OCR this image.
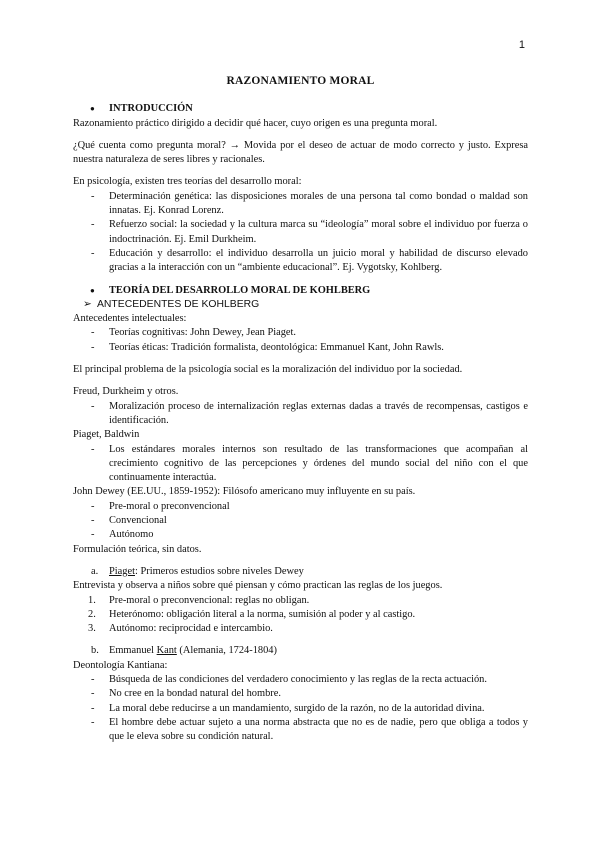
1
RAZONAMIENTO MORAL
● INTRODUCCIÓN

Razonamiento práctico dirigido a decidir qué hacer, cuyo origen es una pregunta moral.

¿Qué cuenta como pregunta moral? → Movida por el deseo de actuar de modo correcto y justo. Expresa nuestra naturaleza de seres libres y racionales.

En psicología, existen tres teorías del desarrollo moral:

- Determinación genética: las disposiciones morales de una persona tal como bondad o maldad son innatas. Ej. Konrad Lorenz.
- Refuerzo social: la sociedad y la cultura marca su “ideología” moral sobre el individuo por fuerza o indoctrinación. Ej. Emil Durkheim.
- Educación y desarrollo: el individuo desarrolla un juicio moral y habilidad de discurso elevado gracias a la interacción con un “ambiente educacional”. Ej. Vygotsky, Kohlberg.
● TEORÍA DEL DESARROLLO MORAL DE KOHLBERG
➢ ANTECEDENTES DE KOHLBERG

Antecedentes intelectuales:

- Teorías cognitivas: John Dewey, Jean Piaget.
- Teorías éticas: Tradición formalista, deontológica: Emmanuel Kant, John Rawls.

El principal problema de la psicología social es la moralización del individuo por la sociedad.

Freud, Durkheim y otros.

- Moralización proceso de internalización reglas externas dadas a través de recompensas, castigos e identificación.

Piaget, Baldwin

- Los estándares morales internos son resultado de las transformaciones que acompañan al crecimiento cognitivo de las percepciones y órdenes del mundo social del niño con el que continuamente interactúa.

John Dewey (EE.UU., 1859-1952): Filósofo americano muy influyente en su país.

- Pre-moral o preconvencional
- Convencional
- Autónomo

Formulación teórica, sin datos.

a. Piaget: Primeros estudios sobre niveles Dewey

Entrevista y observa a niños sobre qué piensan y cómo practican las reglas de los juegos.

1. Pre-moral o preconvencional: reglas no obligan.
2. Heterónomo: obligación literal a la norma, sumisión al poder y al castigo.
3. Autónomo: reciprocidad e intercambio.
b. Emmanuel Kant (Alemania, 1724-1804)

Deontología Kantiana:

- Búsqueda de las condiciones del verdadero conocimiento y las reglas de la recta actuación.
- No cree en la bondad natural del hombre.
- La moral debe reducirse a un mandamiento, surgido de la razón, no de la autoridad divina.
- El hombre debe actuar sujeto a una norma abstracta que no es de nadie, pero que obliga a todos y que le eleva sobre su condición natural.
